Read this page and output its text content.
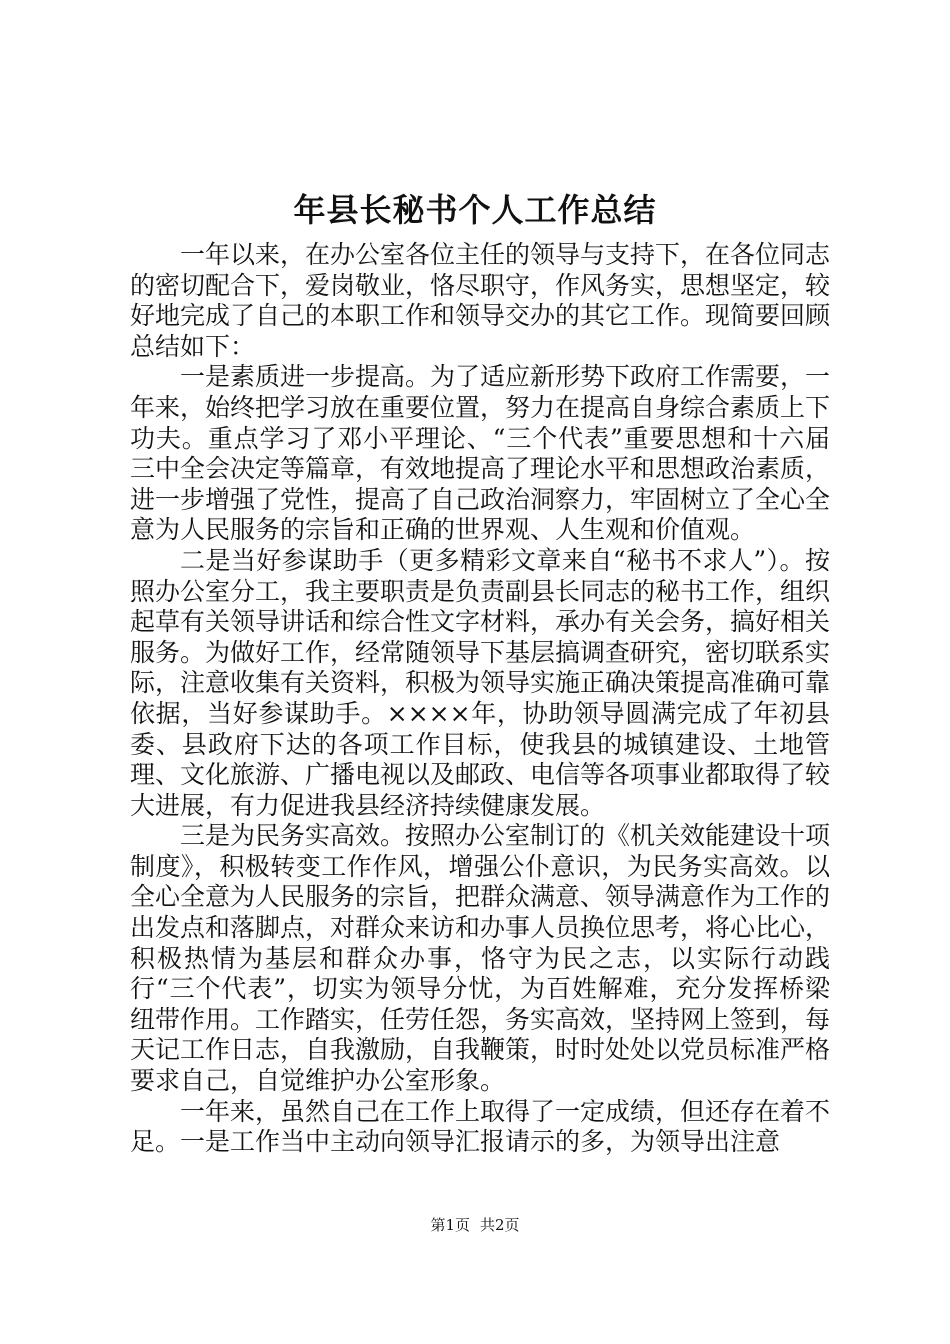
年县长秘书个人工作总结

一年以来，在办公室各位主任的领导与支持下，在各位同志的密切配合下，爱岗敬业，恪尽职守，作风务实，思想坚定，较好地完成了自己的本职工作和领导交办的其它工作。现简要回顾总结如下：

一是素质进一步提高。为了适应新形势下政府工作需要，一年来，始终把学习放在重要位置，努力在提高自身综合素质上下功夫。重点学习了邓小平理论、“三个代表”重要思想和十六届三中全会决定等篇章，有效地提高了理论水平和思想政治素质，进一步增强了党性，提高了自己政治洞察力，牢固树立了全心全意为人民服务的宗旨和正确的世界观、人生观和价值观。

二是当好参谋助手（更多精彩文章来自“秘书不求人”）。按照办公室分工，我主要职责是负责副县长同志的秘书工作，组织起草有关领导讲话和综合性文字材料，承办有关会务，搞好相关服务。为做好工作，经常随领导下基层搞调查研究，密切联系实际，注意收集有关资料，积极为领导实施正确决策提高准确可靠依据，当好参谋助手。××××年，协助领导圆满完成了年初县委、县政府下达的各项工作目标，使我县的城镇建设、土地管理、文化旅游、广播电视以及邮政、电信等各项事业都取得了较大进展，有力促进我县经济持续健康发展。

三是为民务实高效。按照办公室制订的《机关效能建设十项制度》，积极转变工作作风，增强公仆意识，为民务实高效。以全心全意为人民服务的宗旨，把群众满意、领导满意作为工作的出发点和落脚点，对群众来访和办事人员换位思考，将心比心，积极热情为基层和群众办事，恪守为民之志，以实际行动践行“三个代表”，切实为领导分忧，为百姓解难，充分发挥桥梁纽带作用。工作踏实，任劳任怨，务实高效，坚持网上签到，每天记工作日志，自我激励，自我鞭策，时时处处以党员标准严格要求自己，自觉维护办公室形象。

一年来，虽然自己在工作上取得了一定成绩，但还存在着不足。一是工作当中主动向领导汇报请示的多，为领导出注意

第1页 共2页
